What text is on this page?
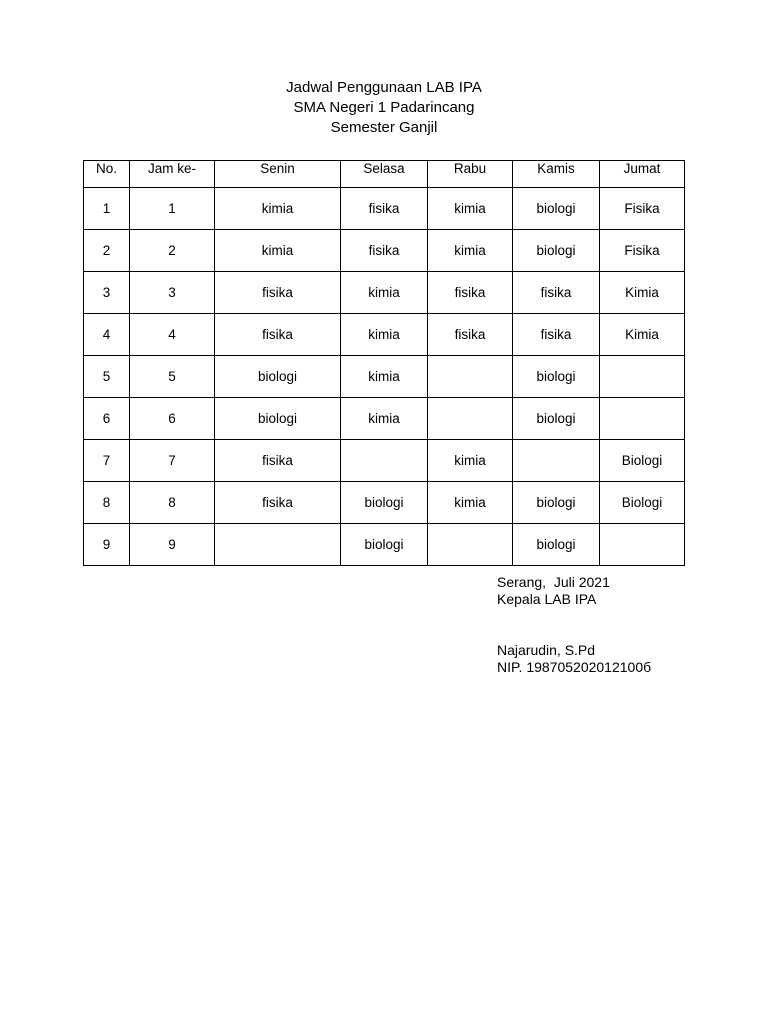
Jadwal Penggunaan LAB IPA
SMA Negeri 1 Padarincang
Semester Ganjil
No.	Jam ke-	Senin	Selasa	Rabu	Kamis	Jumat
1	1	kimia	fisika	kimia	biologi	Fisika
2	2	kimia	fisika	kimia	biologi	Fisika
3	3	fisika	kimia	fisika	fisika	Kimia
4	4	fisika	kimia	fisika	fisika	Kimia
5	5	biologi	kimia		biologi	
6	6	biologi	kimia		biologi	
7	7	fisika		kimia		Biologi
8	8	fisika	biologi	kimia	biologi	Biologi
9	9		biologi		biologi	
Serang,  Juli 2021
Kepala LAB IPA
Najarudin, S.Pd
NIP. 198705202012100б
